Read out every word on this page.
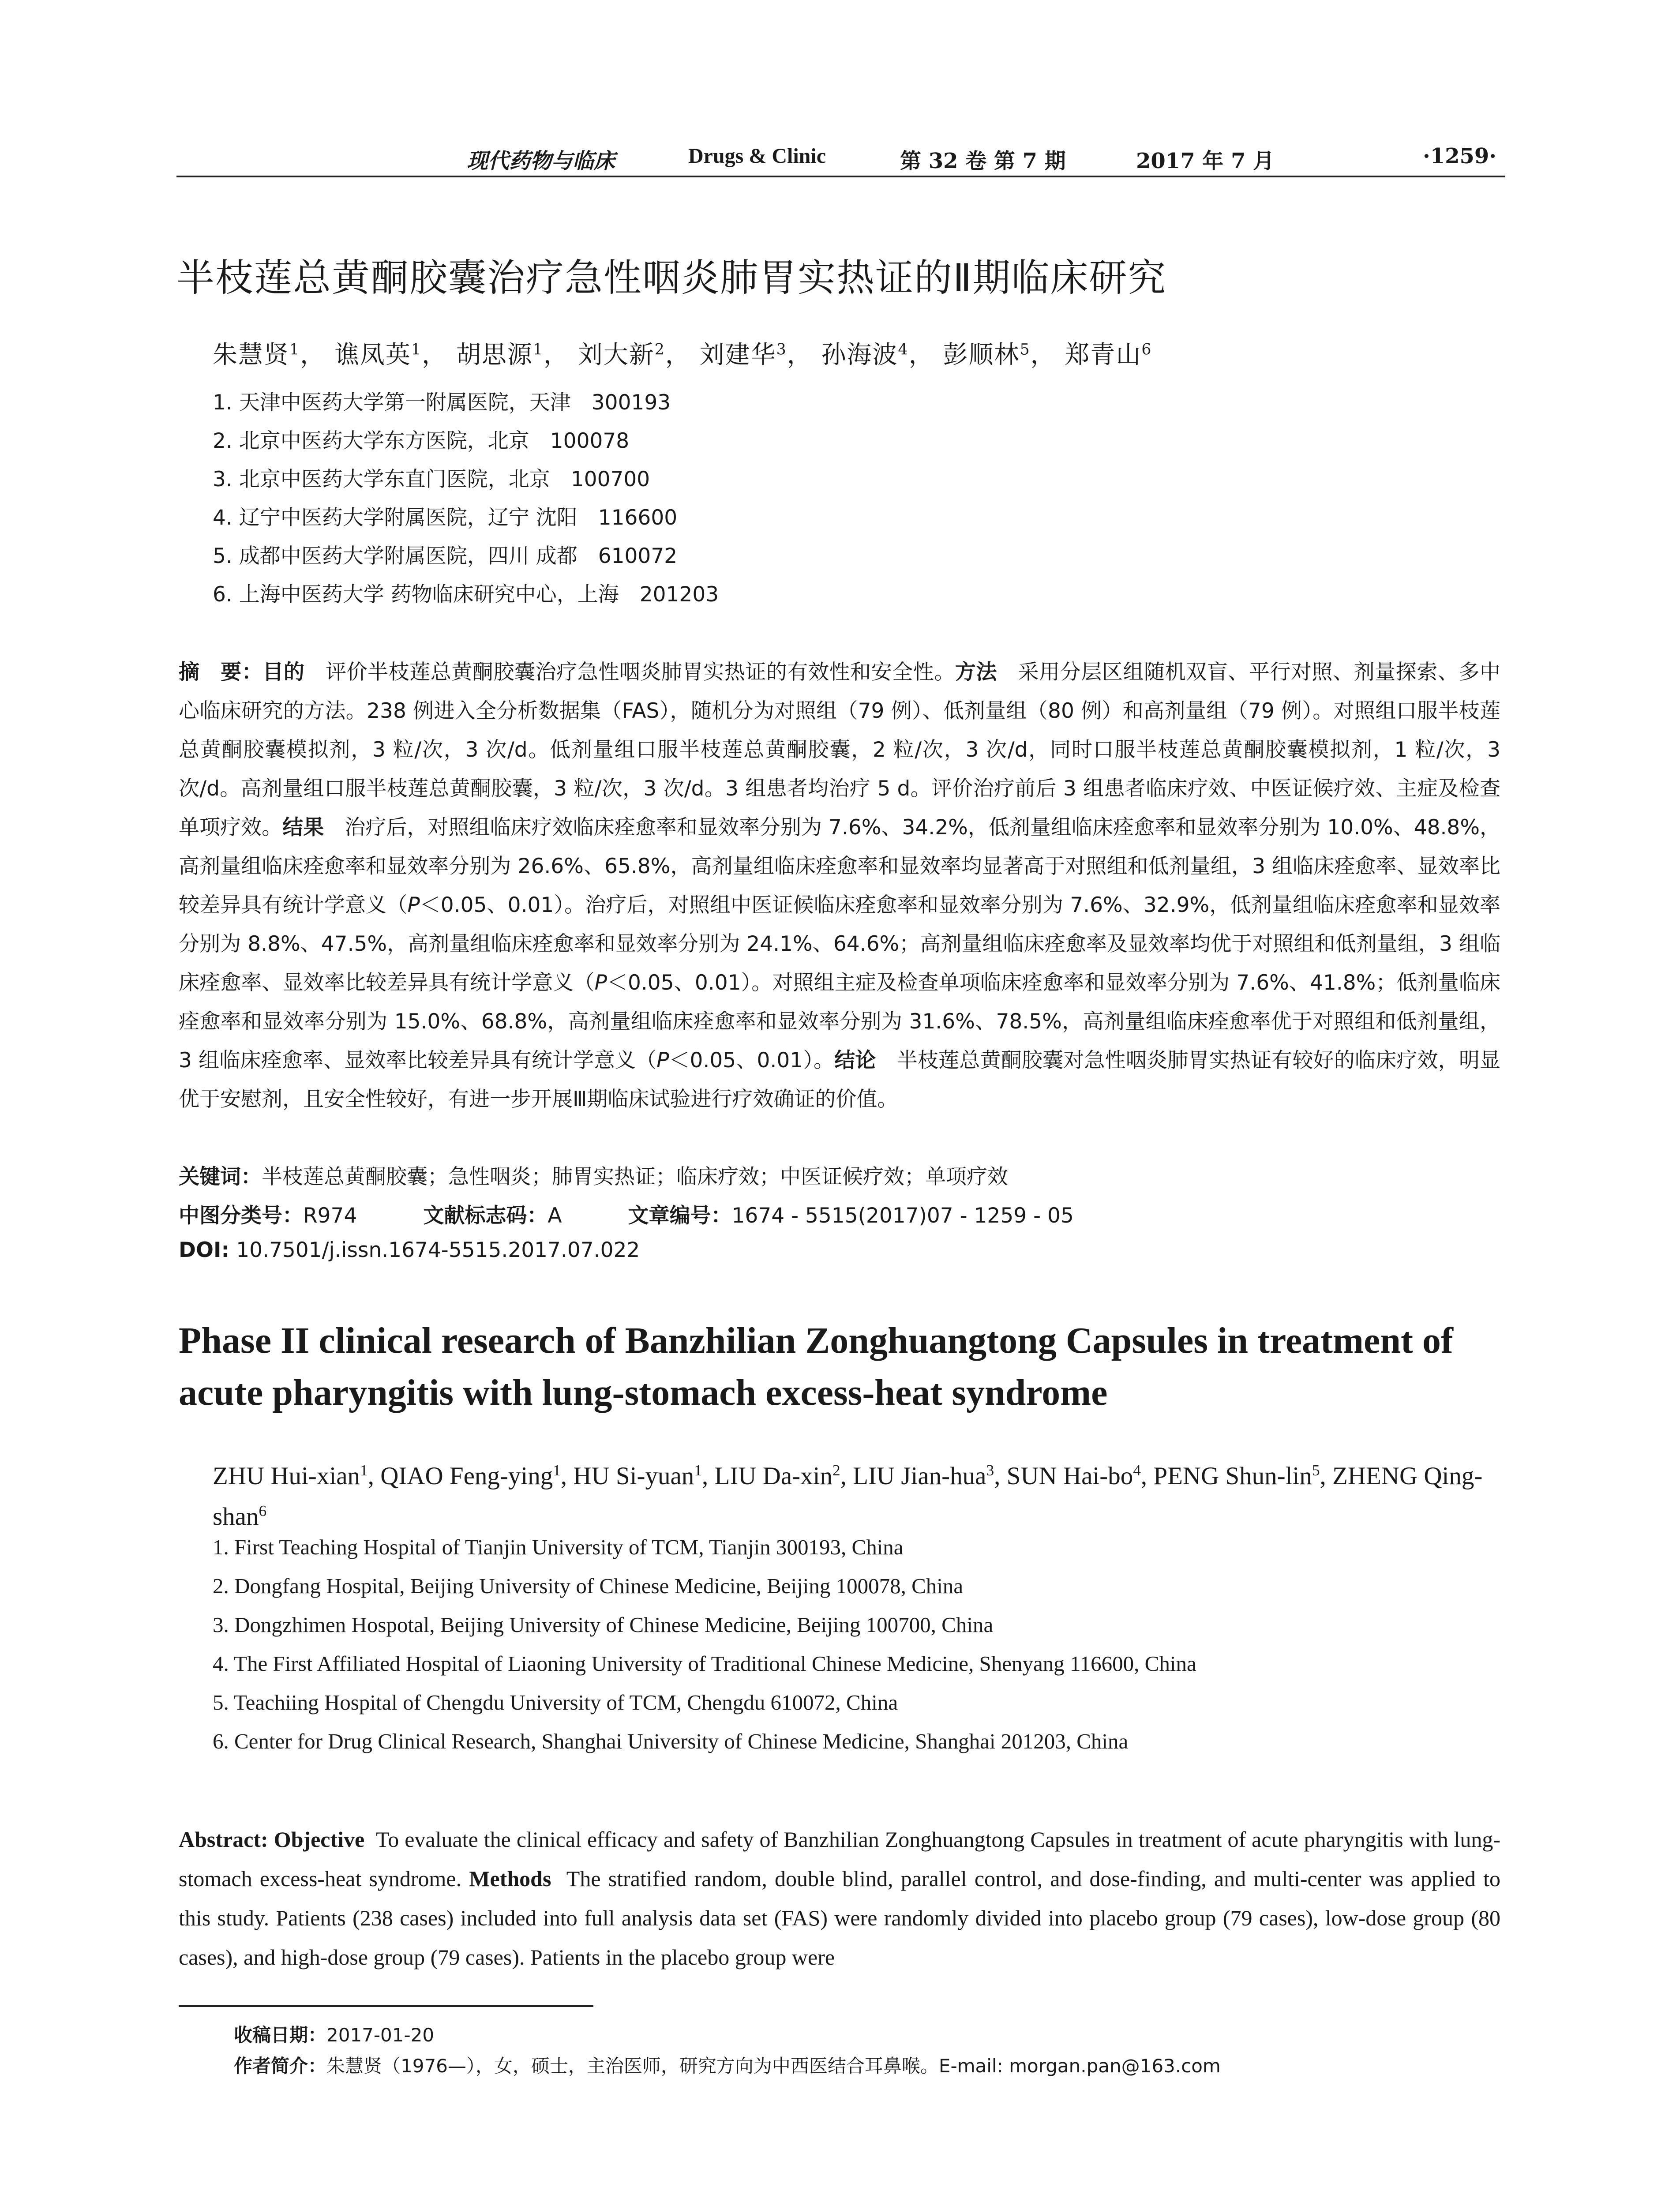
现代药物与临床	Drugs & Clinic	第 32 卷 第 7 期	2017 年 7 月	·1259·
半枝莲总黄酮胶囊治疗急性咽炎肺胃实热证的Ⅱ期临床研究
朱慧贤$^1$， 谯凤英$^1$， 胡思源$^1$， 刘大新$^2$， 刘建华$^3$， 孙海波$^4$， 彭顺林$^5$， 郑青山$^6$
1. 天津中医药大学第一附属医院，天津　300193
2. 北京中医药大学东方医院，北京　100078
3. 北京中医药大学东直门医院，北京　100700
4. 辽宁中医药大学附属医院，辽宁 沈阳　116600
5. 成都中医药大学附属医院，四川 成都　610072
6. 上海中医药大学 药物临床研究中心，上海　201203
摘　要：目的　 评价半枝莲总黄酮胶囊治疗急性咽炎肺胃实热证的有效性和安全性。方法　 采用分层区组随机双盲、平行对照、剂量探索、多中心临床研究的方法。238 例进入全分析数据集（FAS），随机分为对照组（79 例）、低剂量组（80 例）和高剂量组（79 例）。对照组口服半枝莲总黄酮胶囊模拟剂，3 粒/次，3 次/d。低剂量组口服半枝莲总黄酮胶囊，2 粒/次，3 次/d，同时口服半枝莲总黄酮胶囊模拟剂，1 粒/次，3 次/d。高剂量组口服半枝莲总黄酮胶囊，3 粒/次，3 次/d。3 组患者均治疗 5 d。评价治疗前后 3 组患者临床疗效、中医证候疗效、主症及检查单项疗效。结果　 治疗后，对照组临床疗效临床痊愈率和显效率分别为 7.6%、34.2%，低剂量组临床痊愈率和显效率分别为 10.0%、48.8%，高剂量组临床痊愈率和显效率分别为 26.6%、65.8%，高剂量组临床痊愈率和显效率均显著高于对照组和低剂量组，3 组临床痊愈率、显效率比较差异具有统计学意义（P＜0.05、0.01）。治疗后，对照组中医证候临床痊愈率和显效率分别为 7.6%、32.9%，低剂量组临床痊愈率和显效率分别为 8.8%、47.5%，高剂量组临床痊愈率和显效率分别为 24.1%、64.6%；高剂量组临床痊愈率及显效率均优于对照组和低剂量组，3 组临床痊愈率、显效率比较差异具有统计学意义（P＜0.05、0.01）。对照组主症及检查单项临床痊愈率和显效率分别为 7.6%、41.8%；低剂量临床痊愈率和显效率分别为 15.0%、68.8%，高剂量组临床痊愈率和显效率分别为 31.6%、78.5%，高剂量组临床痊愈率优于对照组和低剂量组，3 组临床痊愈率、显效率比较差异具有统计学意义（P＜0.05、0.01）。结论　 半枝莲总黄酮胶囊对急性咽炎肺胃实热证有较好的临床疗效，明显优于安慰剂，且安全性较好，有进一步开展Ⅲ期临床试验进行疗效确证的价值。
关键词：半枝莲总黄酮胶囊；急性咽炎；肺胃实热证；临床疗效；中医证候疗效；单项疗效
中图分类号：R974	文献标志码：A	文章编号：1674 - 5515(2017)07 - 1259 - 05
DOI: 10.7501/j.issn.1674-5515.2017.07.022
Phase II clinical research of Banzhilian Zonghuangtong Capsules in treatment of acute pharyngitis with lung-stomach excess-heat syndrome
ZHU Hui-xian$^1$, QIAO Feng-ying$^1$, HU Si-yuan$^1$, LIU Da-xin$^2$, LIU Jian-hua$^3$, SUN Hai-$bo^4$, PENG Shun-lin$^5$, ZHENG Qing-shan$^6$
1. First Teaching Hospital of Tianjin University of TCM, Tianjin 300193, China
2. Dongfang Hospital, Beijing University of Chinese Medicine, Beijing 100078, China
3. Dongzhimen Hospotal, Beijing University of Chinese Medicine, Beijing 100700, China
4. The First Affiliated Hospital of Liaoning University of Traditional Chinese Medicine, Shenyang 116600, China
5. Teachiing Hospital of Chengdu University of TCM, Chengdu 610072, China
6. Center for Drug Clinical Research, Shanghai University of Chinese Medicine, Shanghai 201203, China
Abstract: Objective To evaluate the clinical efficacy and safety of Banzhilian Zonghuangtong Capsules in treatment of acute pharyngitis with lung-stomach excess-heat syndrome. Methods The stratified random, double blind, parallel control, and dose-finding, and multi-center was applied to this study. Patients (238 cases) included into full analysis data set (FAS) were randomly divided into placebo group (79 cases), low-dose group (80 cases), and high-dose group (79 cases). Patients in the placebo group were
收稿日期：2017-01-20
作者简介：朱慧贤（1976—），女，硕士，主治医师，研究方向为中西医结合耳鼻喉。E-mail: morgan.pan@163.com
